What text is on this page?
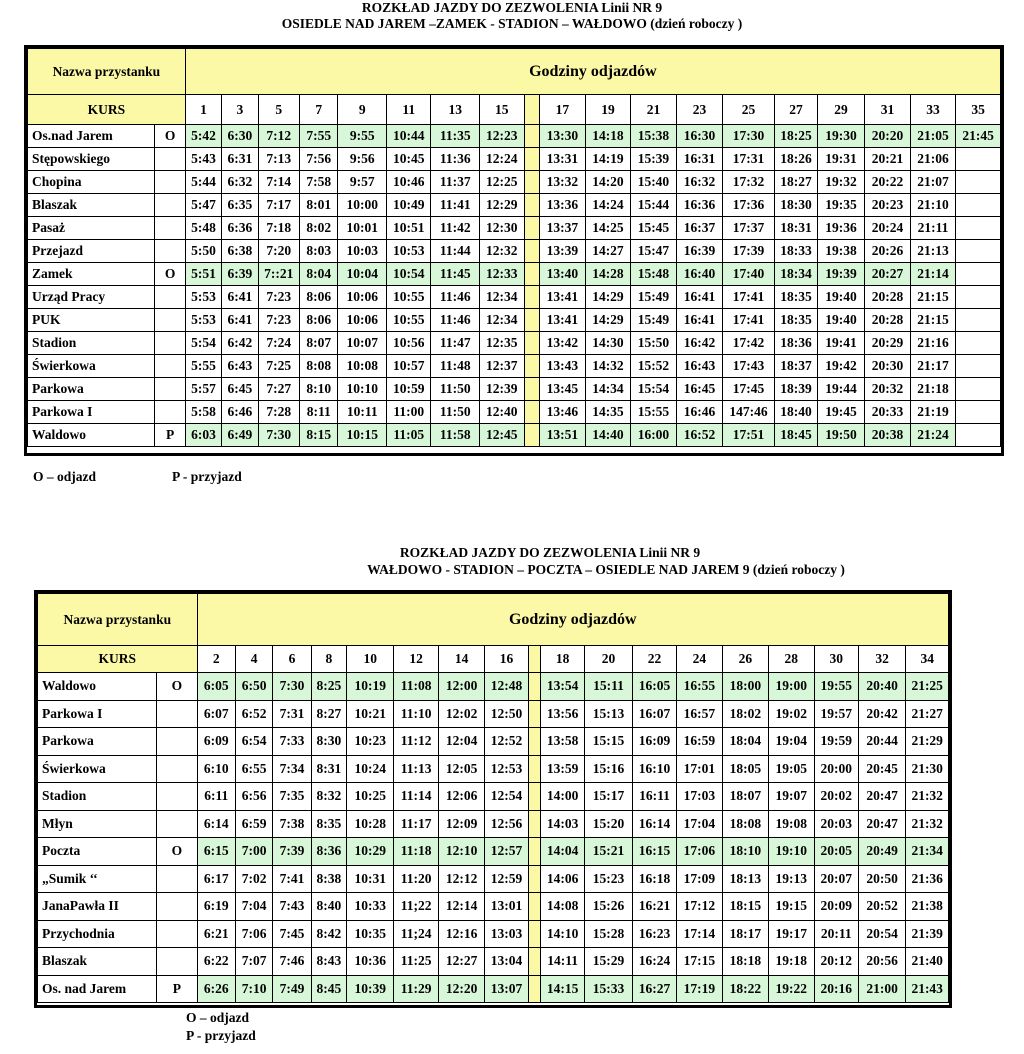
ROZKŁAD JAZDY DO ZEZWOLENIA Linii NR 9
OSIEDLE NAD JAREM –ZAMEK - STADION – WAŁDOWO (dzień roboczy )
Nazwa przystanku		Godziny odjazdów																		
KURS		1	3	5	7	9	11	13	15		17	19	21	23	25	27	29	31	33	35
Os.nad Jarem	O	5:42	6:30	7:12	7:55	9:55	10:44	11:35	12:23		13:30	14:18	15:38	16:30	17:30	18:25	19:30	20:20	21:05	21:45
Stępowskiego		5:43	6:31	7:13	7:56	9:56	10:45	11:36	12:24		13:31	14:19	15:39	16:31	17:31	18:26	19:31	20:21	21:06	
Chopina		5:44	6:32	7:14	7:58	9:57	10:46	11:37	12:25		13:32	14:20	15:40	16:32	17:32	18:27	19:32	20:22	21:07	
Blaszak		5:47	6:35	7:17	8:01	10:00	10:49	11:41	12:29		13:36	14:24	15:44	16:36	17:36	18:30	19:35	20:23	21:10	
Pasaż		5:48	6:36	7:18	8:02	10:01	10:51	11:42	12:30		13:37	14:25	15:45	16:37	17:37	18:31	19:36	20:24	21:11	
Przejazd		5:50	6:38	7:20	8:03	10:03	10:53	11:44	12:32		13:39	14:27	15:47	16:39	17:39	18:33	19:38	20:26	21:13	
Zamek	O	5:51	6:39	7::21	8:04	10:04	10:54	11:45	12:33		13:40	14:28	15:48	16:40	17:40	18:34	19:39	20:27	21:14	
Urząd Pracy		5:53	6:41	7:23	8:06	10:06	10:55	11:46	12:34		13:41	14:29	15:49	16:41	17:41	18:35	19:40	20:28	21:15	
PUK		5:53	6:41	7:23	8:06	10:06	10:55	11:46	12:34		13:41	14:29	15:49	16:41	17:41	18:35	19:40	20:28	21:15	
Stadion		5:54	6:42	7:24	8:07	10:07	10:56	11:47	12:35		13:42	14:30	15:50	16:42	17:42	18:36	19:41	20:29	21:16	
Świerkowa		5:55	6:43	7:25	8:08	10:08	10:57	11:48	12:37		13:43	14:32	15:52	16:43	17:43	18:37	19:42	20:30	21:17	
Parkowa		5:57	6:45	7:27	8:10	10:10	10:59	11:50	12:39		13:45	14:34	15:54	16:45	17:45	18:39	19:44	20:32	21:18	
Parkowa I		5:58	6:46	7:28	8:11	10:11	11:00	11:50	12:40		13:46	14:35	15:55	16:46	147:46	18:40	19:45	20:33	21:19	
Waldowo	P	6:03	6:49	7:30	8:15	10:15	11:05	11:58	12:45		13:51	14:40	16:00	16:52	17:51	18:45	19:50	20:38	21:24	
O – odjazd	P - przyjazd
ROZKŁAD JAZDY DO ZEZWOLENIA Linii NR 9
WAŁDOWO - STADION – POCZTA – OSIEDLE NAD JAREM 9 (dzień roboczy )
Nazwa przystanku		Godziny odjazdów																	
KURS		2	4	6	8	10	12	14	16		18	20	22	24	26	28	30	32	34
Waldowo	O	6:05	6:50	7:30	8:25	10:19	11:08	12:00	12:48		13:54	15:11	16:05	16:55	18:00	19:00	19:55	20:40	21:25
Parkowa I		6:07	6:52	7:31	8:27	10:21	11:10	12:02	12:50		13:56	15:13	16:07	16:57	18:02	19:02	19:57	20:42	21:27
Parkowa		6:09	6:54	7:33	8:30	10:23	11:12	12:04	12:52		13:58	15:15	16:09	16:59	18:04	19:04	19:59	20:44	21:29
Świerkowa		6:10	6:55	7:34	8:31	10:24	11:13	12:05	12:53		13:59	15:16	16:10	17:01	18:05	19:05	20:00	20:45	21:30
Stadion		6:11	6:56	7:35	8:32	10:25	11:14	12:06	12:54		14:00	15:17	16:11	17:03	18:07	19:07	20:02	20:47	21:32
Młyn		6:14	6:59	7:38	8:35	10:28	11:17	12:09	12:56		14:03	15:20	16:14	17:04	18:08	19:08	20:03	20:47	21:32
Poczta	O	6:15	7:00	7:39	8:36	10:29	11:18	12:10	12:57		14:04	15:21	16:15	17:06	18:10	19:10	20:05	20:49	21:34
„Sumik ‘‘		6:17	7:02	7:41	8:38	10:31	11:20	12:12	12:59		14:06	15:23	16:18	17:09	18:13	19:13	20:07	20:50	21:36
JanaPawła II		6:19	7:04	7:43	8:40	10:33	11;22	12:14	13:01		14:08	15:26	16:21	17:12	18:15	19:15	20:09	20:52	21:38
Przychodnia		6:21	7:06	7:45	8:42	10:35	11;24	12:16	13:03		14:10	15:28	16:23	17:14	18:17	19:17	20:11	20:54	21:39
Blaszak		6:22	7:07	7:46	8:43	10:36	11:25	12:27	13:04		14:11	15:29	16:24	17:15	18:18	19:18	20:12	20:56	21:40
Os. nad Jarem	P	6:26	7:10	7:49	8:45	10:39	11:29	12:20	13:07		14:15	15:33	16:27	17:19	18:22	19:22	20:16	21:00	21:43
O – odjazd
P - przyjazd
